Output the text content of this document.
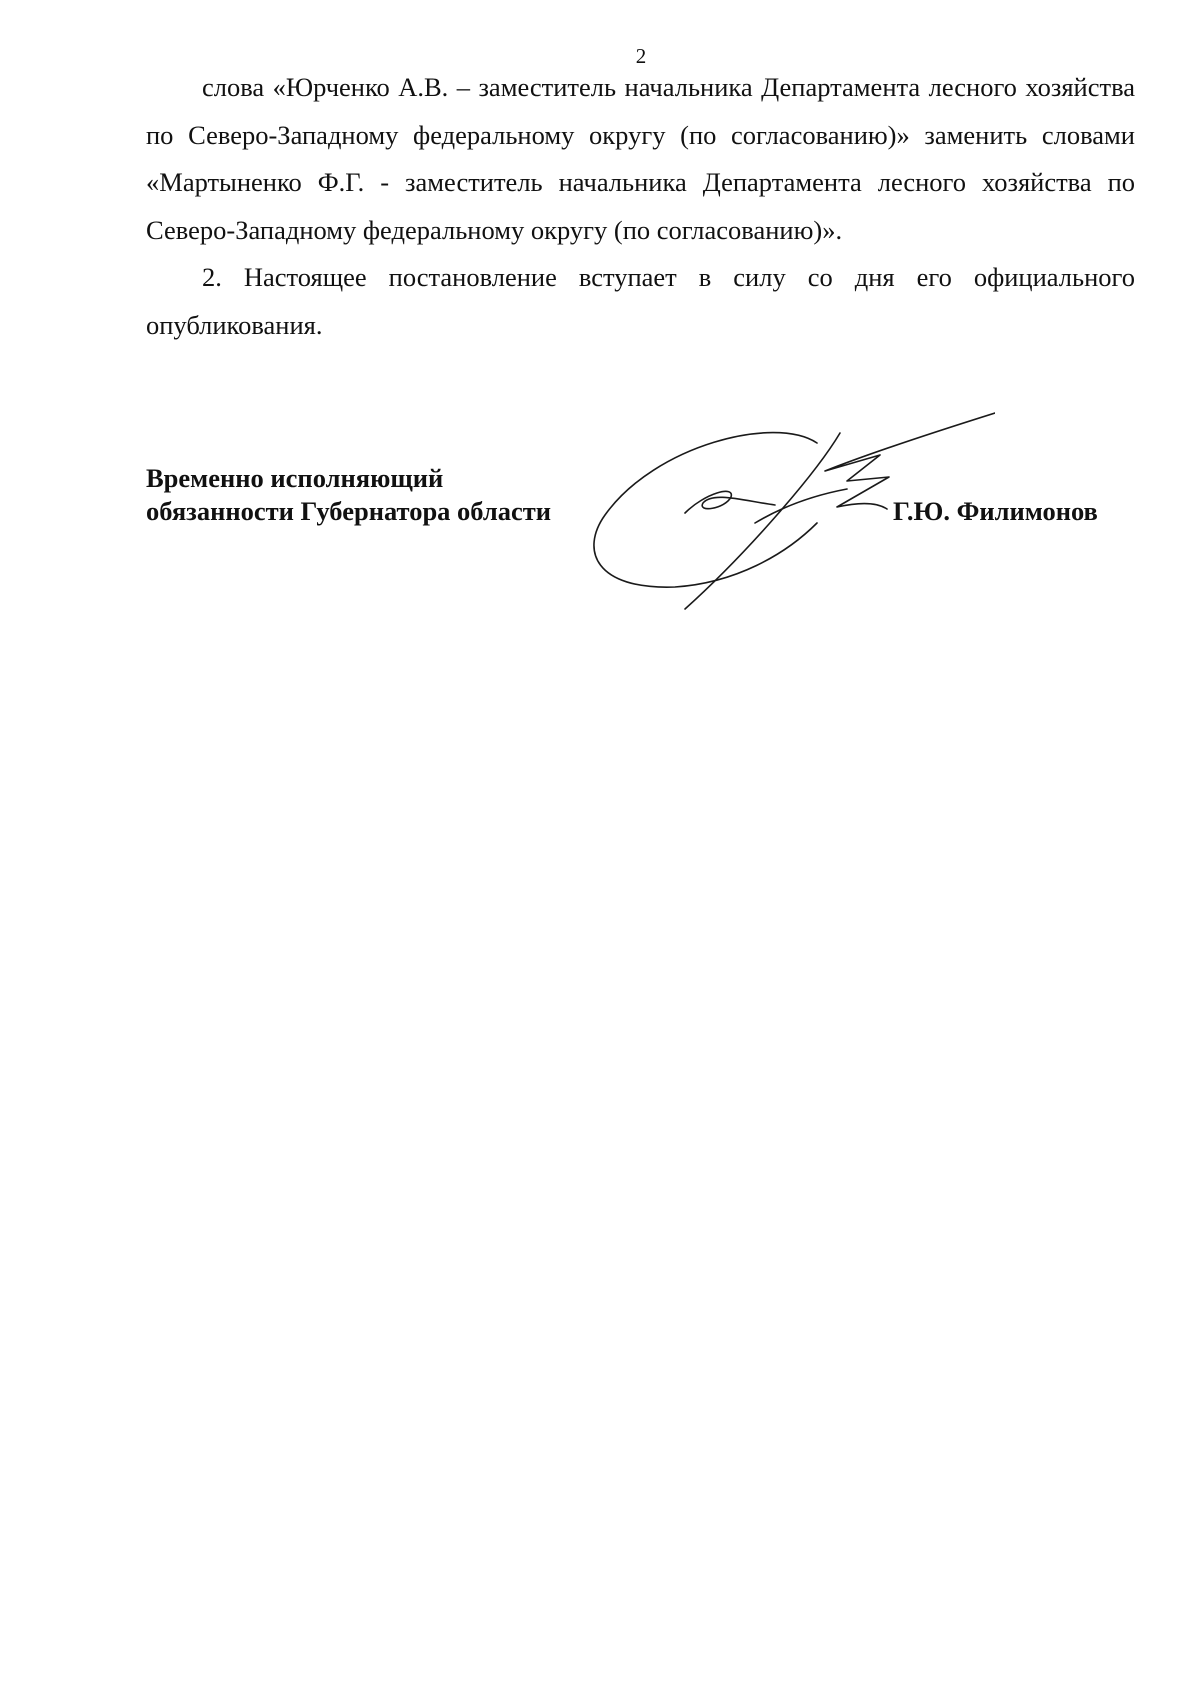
2

слова «Юрченко А.В. – заместитель начальника Департамента лесного хозяйства по Северо-Западному федеральному округу (по согласованию)» заменить словами «Мартыненко Ф.Г. - заместитель начальника Департамента лесного хозяйства по Северо-Западному федеральному округу (по согласованию)».

2. Настоящее постановление вступает в силу со дня его официального опубликования.

Временно исполняющий
обязанности Губернатора области	Г.Ю. Филимонов
